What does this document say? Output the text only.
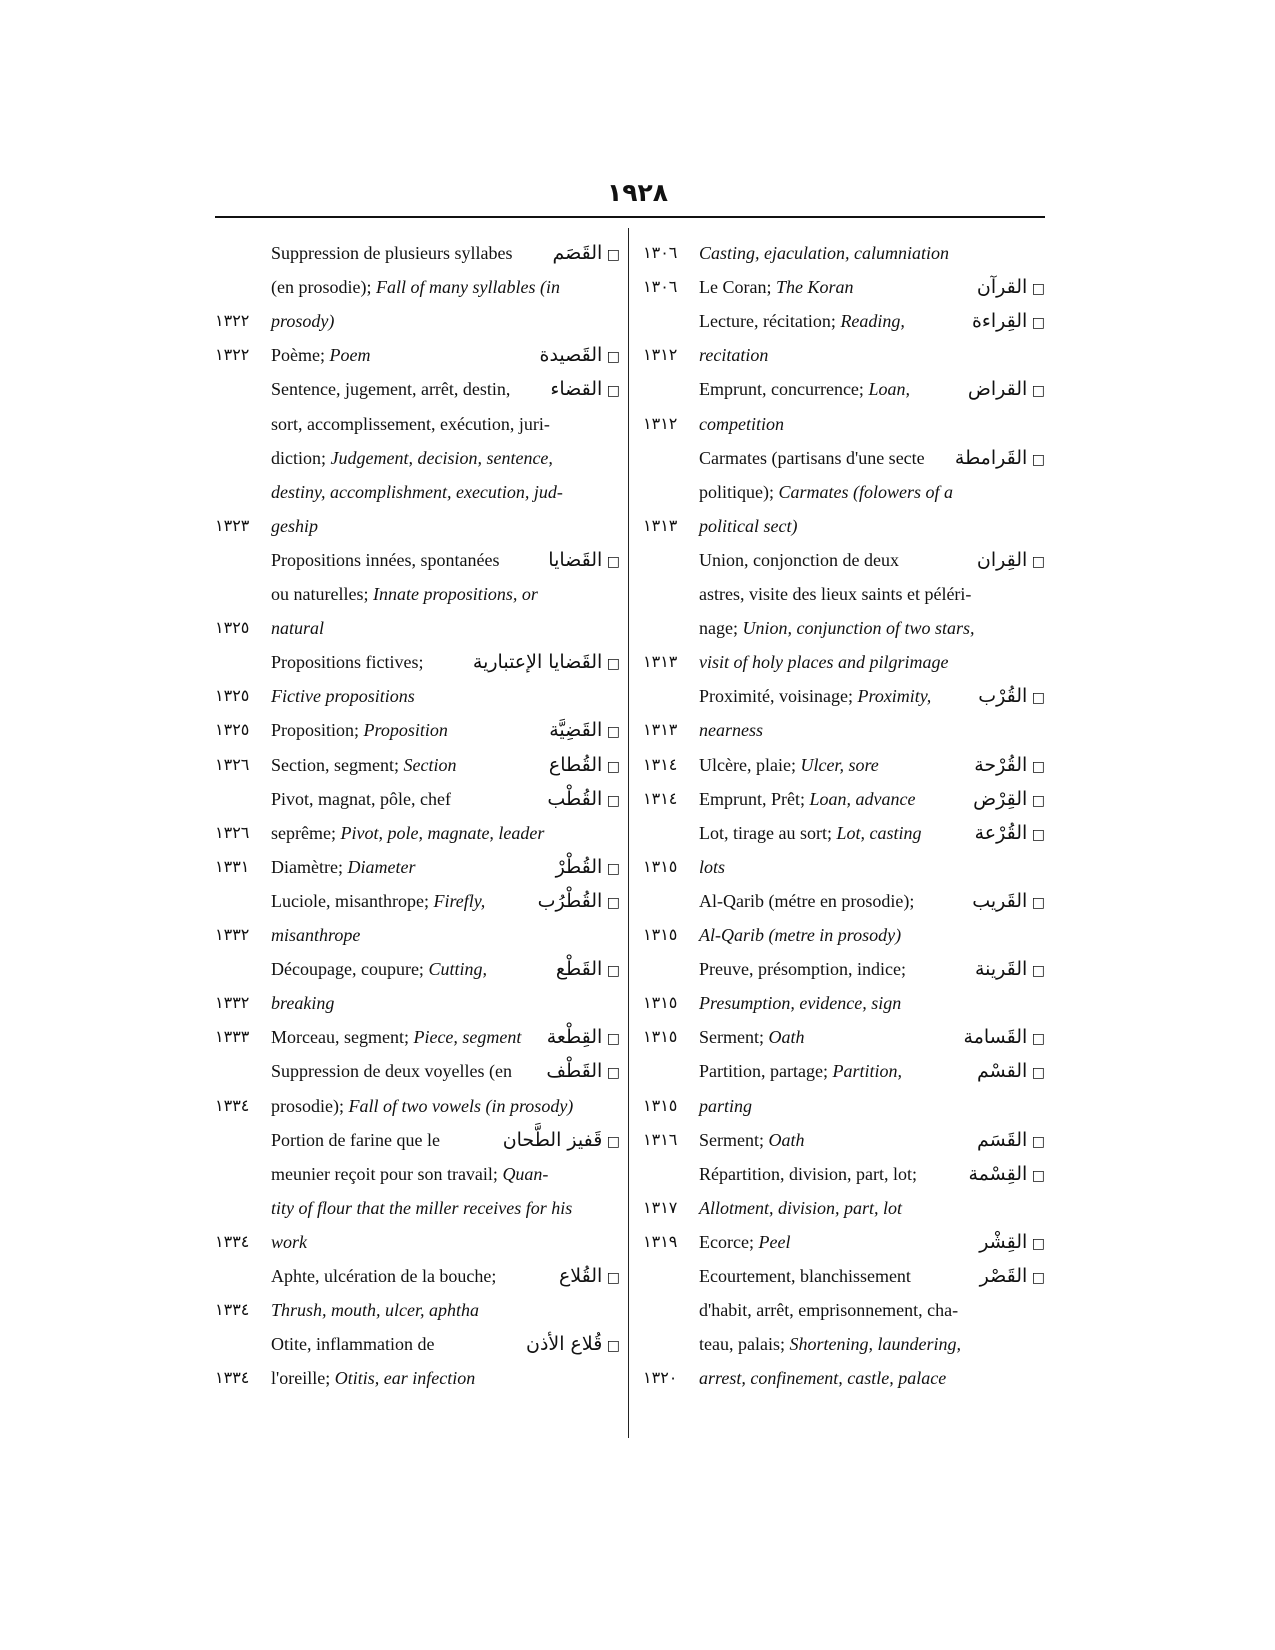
١٩٢٨
١٣٠٦	Casting, ejaculation, calumniation
١٣٠٦	Le Coran; The Koran	□ القرآن
Lecture, récitation; Reading,	□ القِراءة
١٣١٢	recitation
Emprunt, concurrence; Loan,	□ القراض
١٣١٢	competition
Carmates (partisans d'une secte	□ القَرامطة
politique); Carmates (folowers of a
١٣١٣	political sect)
Union, conjonction de deux	□ القِران
astres, visite des lieux saints et péléri-
nage; Union, conjunction of two stars,
١٣١٣	visit of holy places and pilgrimage
Proximité, voisinage; Proximity,	□ القُرْب
١٣١٣	nearness
١٣١٤	Ulcère, plaie; Ulcer, sore	□ القُرْحة
١٣١٤	Emprunt, Prêt; Loan, advance	□ القِرْض
Lot, tirage au sort; Lot, casting	□ القُرْعة
١٣١٥	lots
Al-Qarib (métre en prosodie);	□ القَريب
١٣١٥	Al-Qarib (metre in prosody)
Preuve, présomption, indice;	□ القَرينة
١٣١٥	Presumption, evidence, sign
١٣١٥	Serment; Oath	□ القَسامة
Partition, partage; Partition,	□ القسْم
١٣١٥	parting
١٣١٦	Serment; Oath	□ القَسَم
Répartition, division, part, lot;	□ القِسْمة
١٣١٧	Allotment, division, part, lot
١٣١٩	Ecorce; Peel	□ القِشْر
Ecourtement, blanchissement	□ القَصْر
d'habit, arrêt, emprisonnement, cha-
teau, palais; Shortening, laundering,
١٣٢٠	arrest, confinement, castle, palace
Suppression de plusieurs syllabes	□ القَصَم
(en prosodie); Fall of many syllables (in
١٣٢٢	prosody)
١٣٢٢	Poème; Poem	□ القَصيدة
Sentence, jugement, arrêt, destin,	□ القضاء
sort, accomplissement, exécution, juri-
diction; Judgement, decision, sentence,
destiny, accomplishment, execution, jud-
١٣٢٣	geship
Propositions innées, spontanées	□ القَضايا
ou naturelles; Innate propositions, or
١٣٢٥	natural
Propositions fictives;	□ القَضايا الإعتبارية
١٣٢٥	Fictive propositions
١٣٢٥	Proposition; Proposition	□ القَضِيَّة
١٣٢٦	Section, segment; Section	□ القُطاع
Pivot, magnat, pôle, chef	□ القُطْب
١٣٢٦	seprême; Pivot, pole, magnate, leader
١٣٣١	Diamètre; Diameter	□ القُطْرْ
Luciole, misanthrope; Firefly,	□ القُطْرُب
١٣٣٢	misanthrope
Découpage, coupure; Cutting,	□ القَطْع
١٣٣٢	breaking
١٣٣٣	Morceau, segment; Piece, segment	□ القِطْعة
Suppression de deux voyelles (en	□ القَطْف
١٣٣٤	prosodie); Fall of two vowels (in prosody)
Portion de farine que le	□ قَفيز الطَّحان
meunier reçoit pour son travail; Quan-
tity of flour that the miller receives for his
١٣٣٤	work
Aphte, ulcération de la bouche;	□ القُلاع
١٣٣٤	Thrush, mouth, ulcer, aphtha
Otite, inflammation de	□ قُلاع الأذن
١٣٣٤	l'oreille; Otitis, ear infection
